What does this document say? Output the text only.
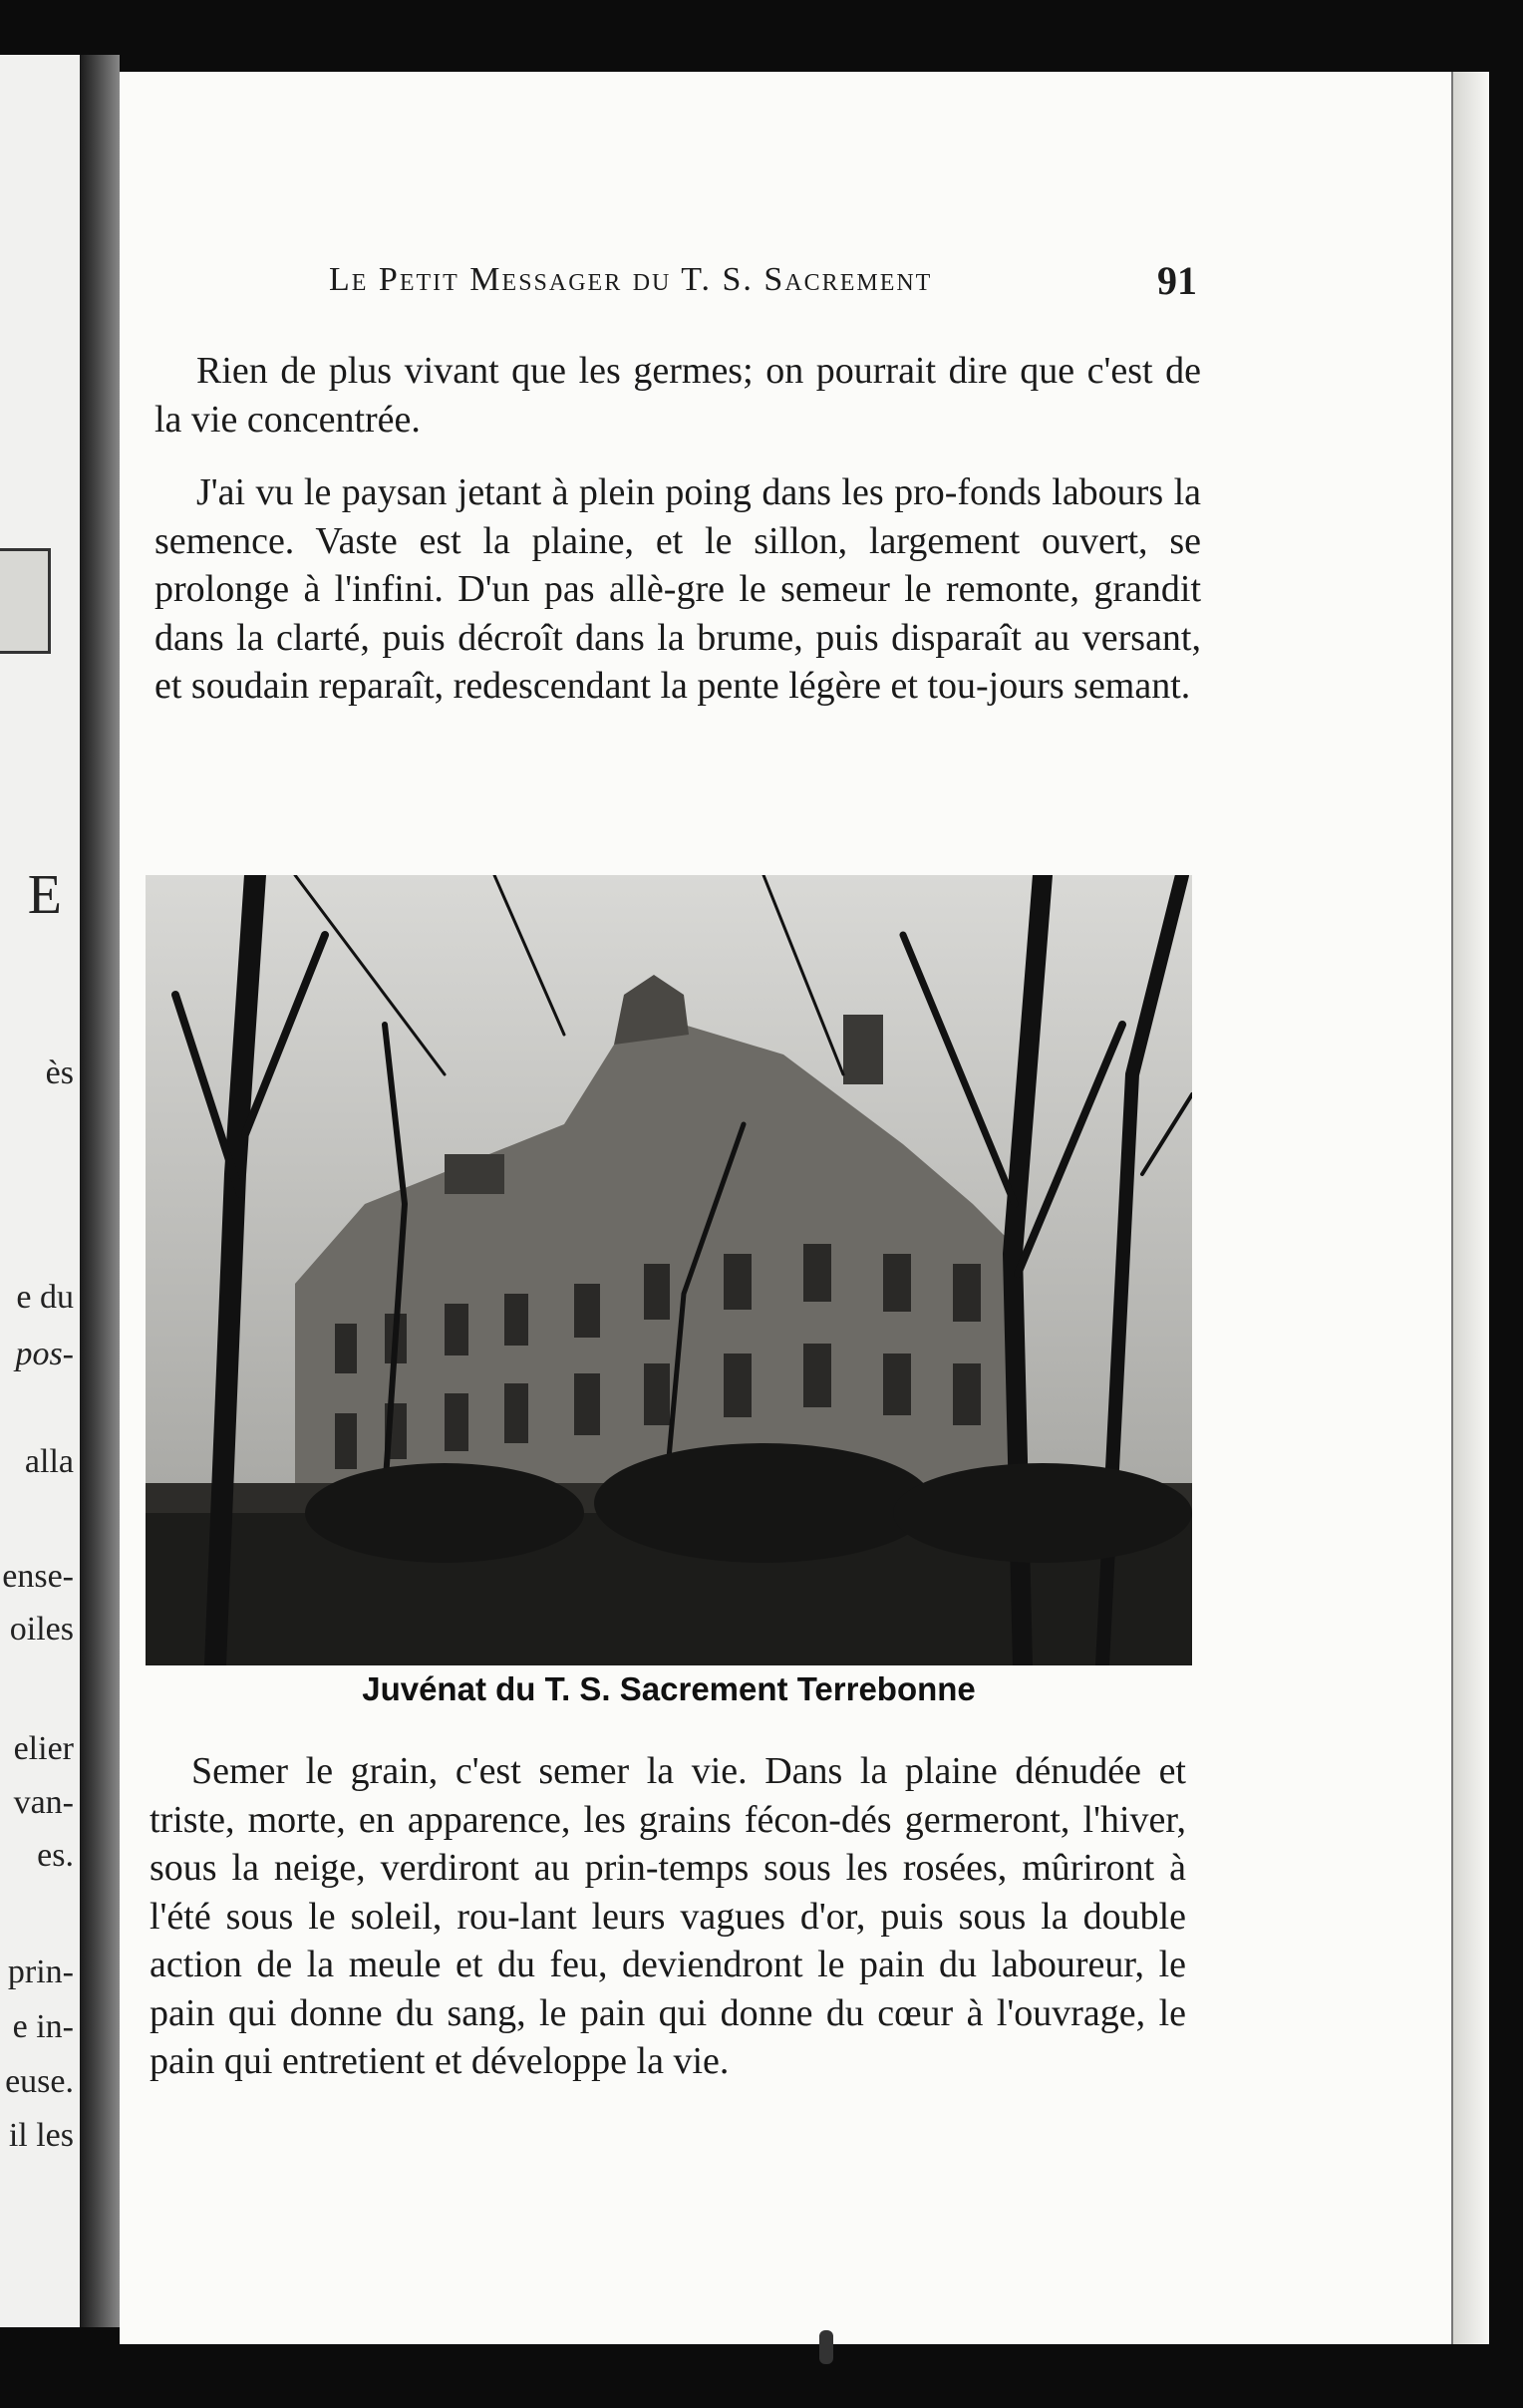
E
ès
e du
pos-
alla
ense-
oiles
elier
van-
es.
prin-
e in-
euse.
il les
Le Petit Messager du T. S. Sacrement	91

Rien de plus vivant que les germes; on pourrait dire que c'est de la vie concentrée.

J'ai vu le paysan jetant à plein poing dans les pro-fonds labours la semence. Vaste est la plaine, et le sillon, largement ouvert, se prolonge à l'infini. D'un pas allè-gre le semeur le remonte, grandit dans la clarté, puis décroît dans la brume, puis disparaît au versant, et soudain reparaît, redescendant la pente légère et tou-jours semant.

Juvénat du T. S. Sacrement Terrebonne

Semer le grain, c'est semer la vie. Dans la plaine dénudée et triste, morte, en apparence, les grains fécon-dés germeront, l'hiver, sous la neige, verdiront au prin-temps sous les rosées, mûriront à l'été sous le soleil, rou-lant leurs vagues d'or, puis sous la double action de la meule et du feu, deviendront le pain du laboureur, le pain qui donne du sang, le pain qui donne du cœur à l'ouvrage, le pain qui entretient et développe la vie.
